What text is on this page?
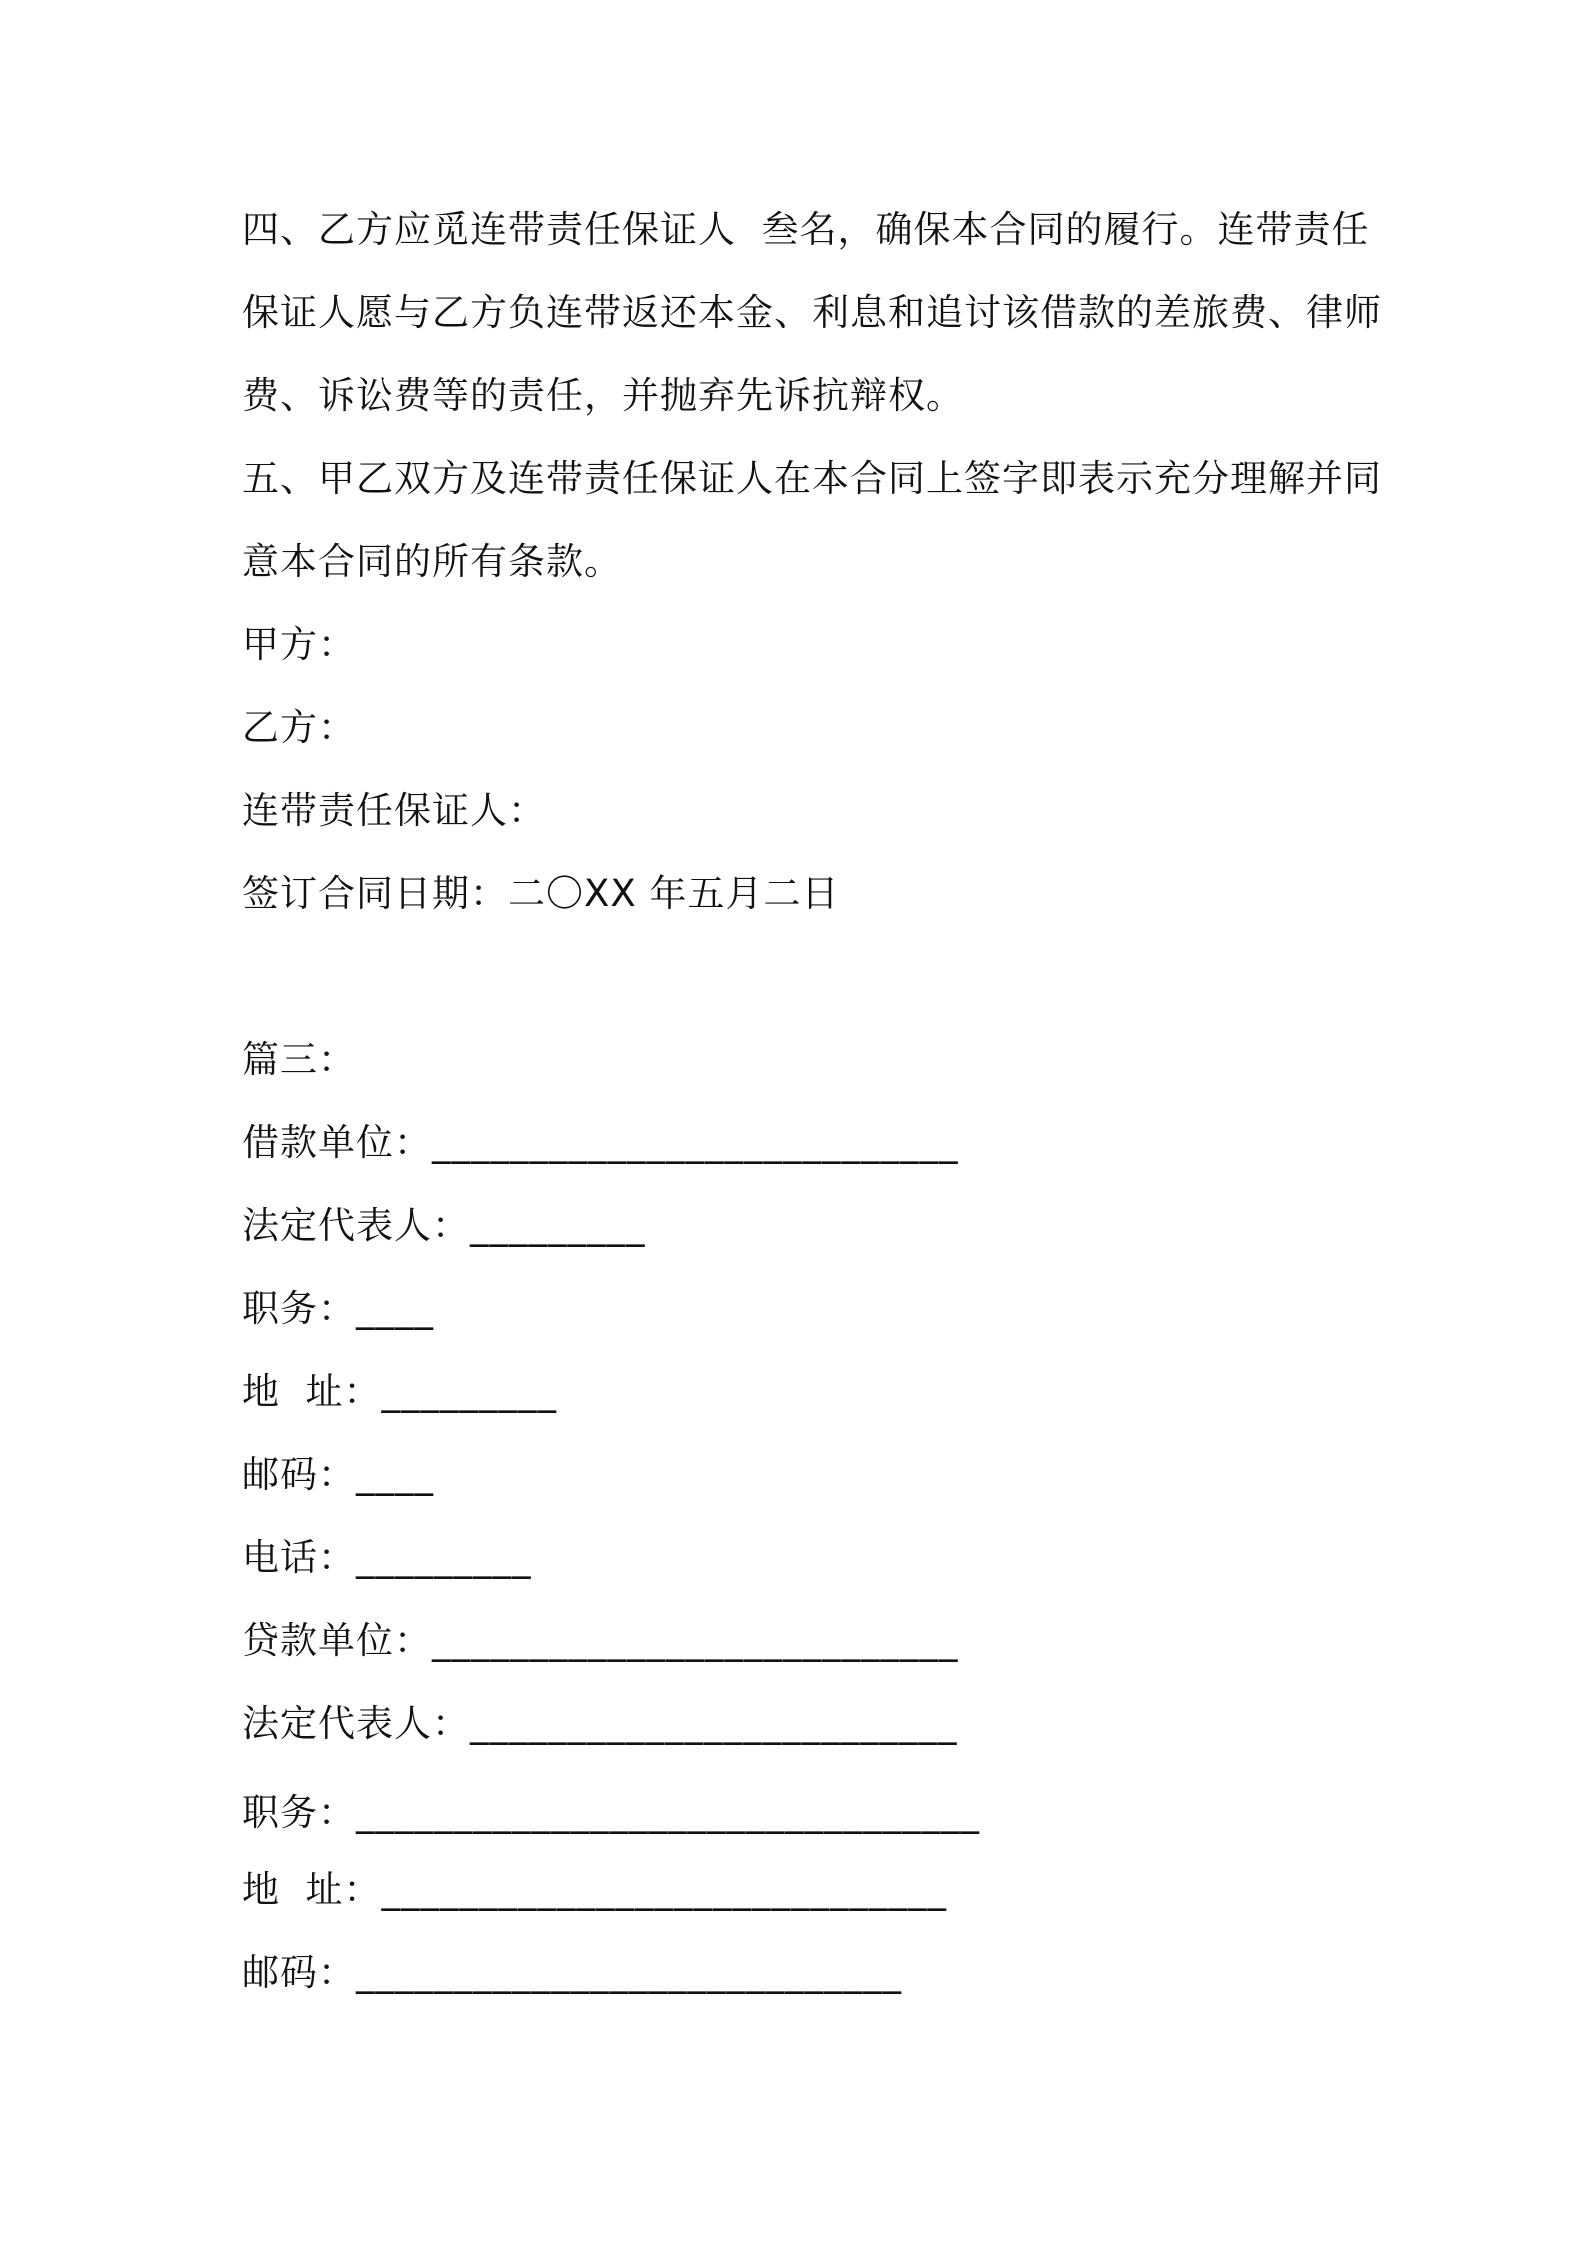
四、乙方应觅连带责任保证人  叁名，确保本合同的履行。连带责任
保证人愿与乙方负连带返还本金、利息和追讨该借款的差旅费、律师
费、诉讼费等的责任，并抛弃先诉抗辩权。
五、甲乙双方及连带责任保证人在本合同上签字即表示充分理解并同
意本合同的所有条款。
甲方：
乙方：
连带责任保证人：
签订合同日期：二〇XX 年五月二日
篇三：
借款单位：___________________________
法定代表人：_________
职务：____
地  址：_________
邮码：____
电话：_________
贷款单位：___________________________
法定代表人：_________________________
职务：________________________________
地  址：_____________________________
邮码：____________________________
